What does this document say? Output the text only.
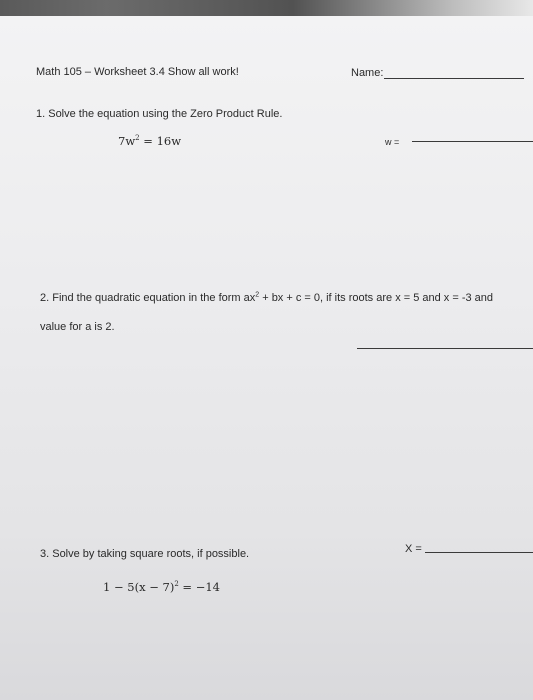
Math 105 – Worksheet 3.4 Show all work!	Name:
1. Solve the equation using the Zero Product Rule.
$7w^2 = 16w$	w =
2. Find the quadratic equation in the form $ax^2$ + bx + c = 0, if its roots are x = 5 and x = -3 and
value for a is 2.
3. Solve by taking square roots, if possible.	X =
$1 - 5(x - 7)^2 = -14$
